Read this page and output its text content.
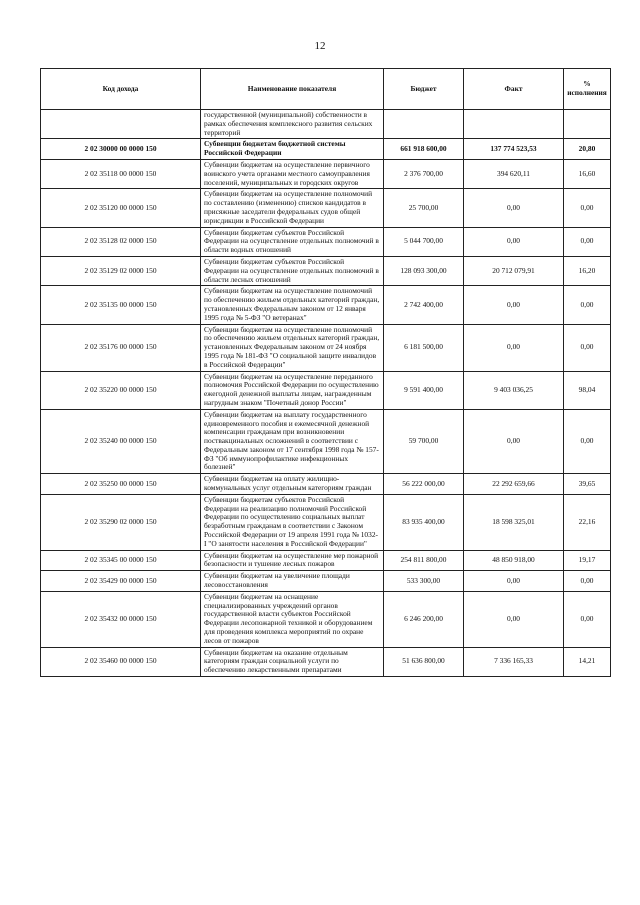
12
Код дохода	Наименование показателя	Бюджет	Факт	% исполнения
	государственной (муниципальной) собственности в рамках обеспечения комплексного развития сельских территорий			
2 02 30000 00 0000 150	Субвенции бюджетам бюджетной системы Российской Федерации	661 918 600,00	137 774 523,53	20,80
2 02 35118 00 0000 150	Субвенции бюджетам на осуществление первичного воинского учета органами местного самоуправления поселений, муниципальных и городских округов	2 376 700,00	394 620,11	16,60
2 02 35120 00 0000 150	Субвенции бюджетам на осуществление полномочий по составлению (изменению) списков кандидатов в присяжные заседатели федеральных судов общей юрисдикции в Российской Федерации	25 700,00	0,00	0,00
2 02 35128 02 0000 150	Субвенции бюджетам субъектов Российской Федерации на осуществление отдельных полномочий в области водных отношений	5 044 700,00	0,00	0,00
2 02 35129 02 0000 150	Субвенции бюджетам субъектов Российской Федерации на осуществление отдельных полномочий в области лесных отношений	128 093 300,00	20 712 079,91	16,20
2 02 35135 00 0000 150	Субвенции бюджетам на осуществление полномочий по обеспечению жильем отдельных категорий граждан, установленных Федеральным законом от 12 января 1995 года № 5-ФЗ "О ветеранах"	2 742 400,00	0,00	0,00
2 02 35176 00 0000 150	Субвенции бюджетам на осуществление полномочий по обеспечению жильем отдельных категорий граждан, установленных Федеральным законом от 24 ноября 1995 года № 181-ФЗ "О социальной защите инвалидов в Российской Федерации"	6 181 500,00	0,00	0,00
2 02 35220 00 0000 150	Субвенции бюджетам на осуществление переданного полномочия Российской Федерации по осуществлению ежегодной денежной выплаты лицам, награжденным нагрудным знаком "Почетный донор России"	9 591 400,00	9 403 036,25	98,04
2 02 35240 00 0000 150	Субвенции бюджетам на выплату государственного единовременного пособия и ежемесячной денежной компенсации гражданам при возникновении поствакцинальных осложнений в соответствии с Федеральным законом от 17 сентября 1998 года № 157-ФЗ "Об иммунопрофилактике инфекционных болезней"	59 700,00	0,00	0,00
2 02 35250 00 0000 150	Субвенции бюджетам на оплату жилищно-коммунальных услуг отдельным категориям граждан	56 222 000,00	22 292 659,66	39,65
2 02 35290 02 0000 150	Субвенции бюджетам субъектов Российской Федерации на реализацию полномочий Российской Федерации по осуществлению социальных выплат безработным гражданам в соответствии с Законом Российской Федерации от 19 апреля 1991 года № 1032-I "О занятости населения в Российской Федерации"	83 935 400,00	18 598 325,01	22,16
2 02 35345 00 0000 150	Субвенции бюджетам на осуществление мер пожарной безопасности и тушение лесных пожаров	254 811 800,00	48 850 918,00	19,17
2 02 35429 00 0000 150	Субвенции бюджетам на увеличение площади лесовосстановления	533 300,00	0,00	0,00
2 02 35432 00 0000 150	Субвенции бюджетам на оснащение специализированных учреждений органов государственной власти субъектов Российской Федерации лесопожарной техникой и оборудованием для проведения комплекса мероприятий по охране лесов от пожаров	6 246 200,00	0,00	0,00
2 02 35460 00 0000 150	Субвенции бюджетам на оказание отдельным категориям граждан социальной услуги по обеспечению лекарственными препаратами	51 636 800,00	7 336 165,33	14,21
